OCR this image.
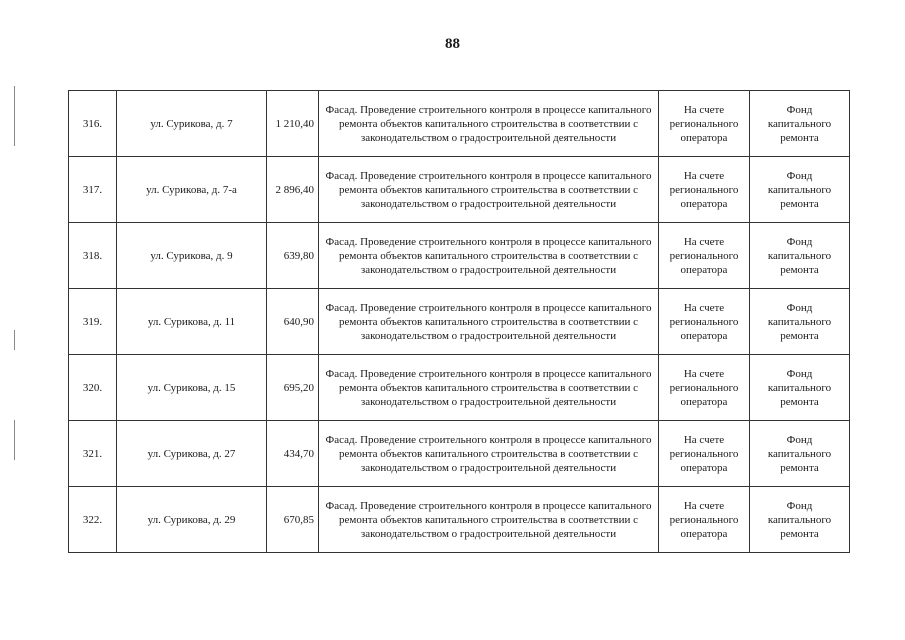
88
316.	ул. Сурикова, д. 7	1 210,40	Фасад. Проведение строительного контроля в процессе капитального ремонта объектов капитального строительства в соответствии с законодательством о градостроительной деятельности	На счете регионального оператора	Фонд капитального ремонта
317.	ул. Сурикова, д. 7-а	2 896,40	Фасад. Проведение строительного контроля в процессе капитального ремонта объектов капитального строительства в соответствии с законодательством о градостроительной деятельности	На счете регионального оператора	Фонд капитального ремонта
318.	ул. Сурикова, д. 9	639,80	Фасад. Проведение строительного контроля в процессе капитального ремонта объектов капитального строительства в соответствии с законодательством о градостроительной деятельности	На счете регионального оператора	Фонд капитального ремонта
319.	ул. Сурикова, д. 11	640,90	Фасад. Проведение строительного контроля в процессе капитального ремонта объектов капитального строительства в соответствии с законодательством о градостроительной деятельности	На счете регионального оператора	Фонд капитального ремонта
320.	ул. Сурикова, д. 15	695,20	Фасад. Проведение строительного контроля в процессе капитального ремонта объектов капитального строительства в соответствии с законодательством о градостроительной деятельности	На счете регионального оператора	Фонд капитального ремонта
321.	ул. Сурикова, д. 27	434,70	Фасад. Проведение строительного контроля в процессе капитального ремонта объектов капитального строительства в соответствии с законодательством о градостроительной деятельности	На счете регионального оператора	Фонд капитального ремонта
322.	ул. Сурикова, д. 29	670,85	Фасад. Проведение строительного контроля в процессе капитального ремонта объектов капитального строительства в соответствии с законодательством о градостроительной деятельности	На счете регионального оператора	Фонд капитального ремонта
